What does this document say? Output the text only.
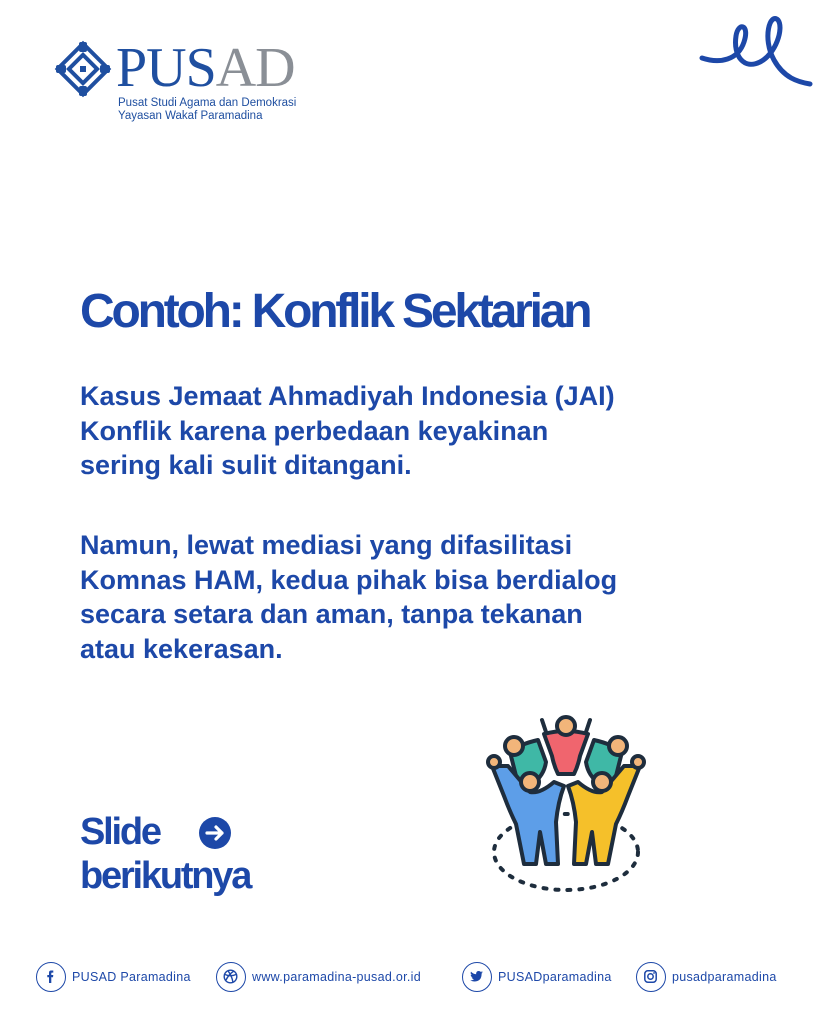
PUSAD
Pusat Studi Agama dan Demokrasi
Yayasan Wakaf Paramadina
Contoh: Konflik Sektarian

Kasus Jemaat Ahmadiyah Indonesia (JAI)
Konflik karena perbedaan keyakinan
sering kali sulit ditangani.

Namun, lewat mediasi yang difasilitasi
Komnas HAM, kedua pihak bisa berdialog
secara setara dan aman, tanpa tekanan
atau kekerasan.

Slide
berikutnya
PUSAD Paramadina	www.paramadina-pusad.or.id	PUSADparamadina	pusadparamadina
